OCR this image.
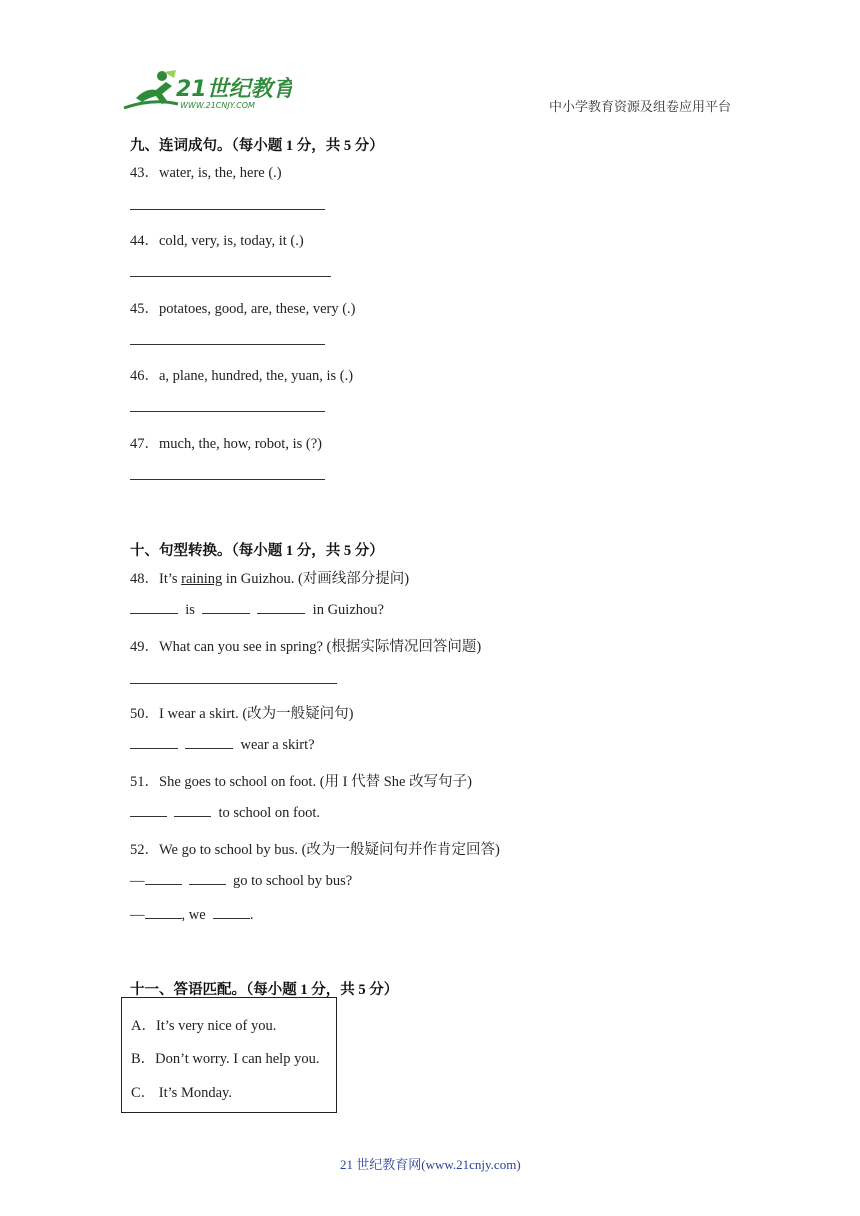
21世纪教育
WWW.21CNJY.COM	中小学教育资源及组卷应用平台
九、连词成句。（每小题 1 分，共 5 分）
43．water, is, the, here (.)
44．cold, very, is, today, it (.)
45．potatoes, good, are, these, very (.)
46．a, plane, hundred, the, yuan, is (.)
47．much, the, how, robot, is (?)
十、句型转换。（每小题 1 分，共 5 分）
48．It’s raining in Guizhou. (对画线部分提问)
is	in Guizhou?
49．What can you see in spring? (根据实际情况回答问题)
50．I wear a skirt. (改为一般疑问句)
wear a skirt?
51．She goes to school on foot. (用 I 代替 She 改写句子)
to school on foot.
52．We go to school by bus. (改为一般疑问句并作肯定回答)
—	go to school by bus?
—	, we	.
十一、答语匹配。（每小题 1 分，共 5 分）
A．It’s very nice of you.
B．Don’t worry. I can help you.
C． It’s Monday.
21 世纪教育网(www.21cnjy.com)
